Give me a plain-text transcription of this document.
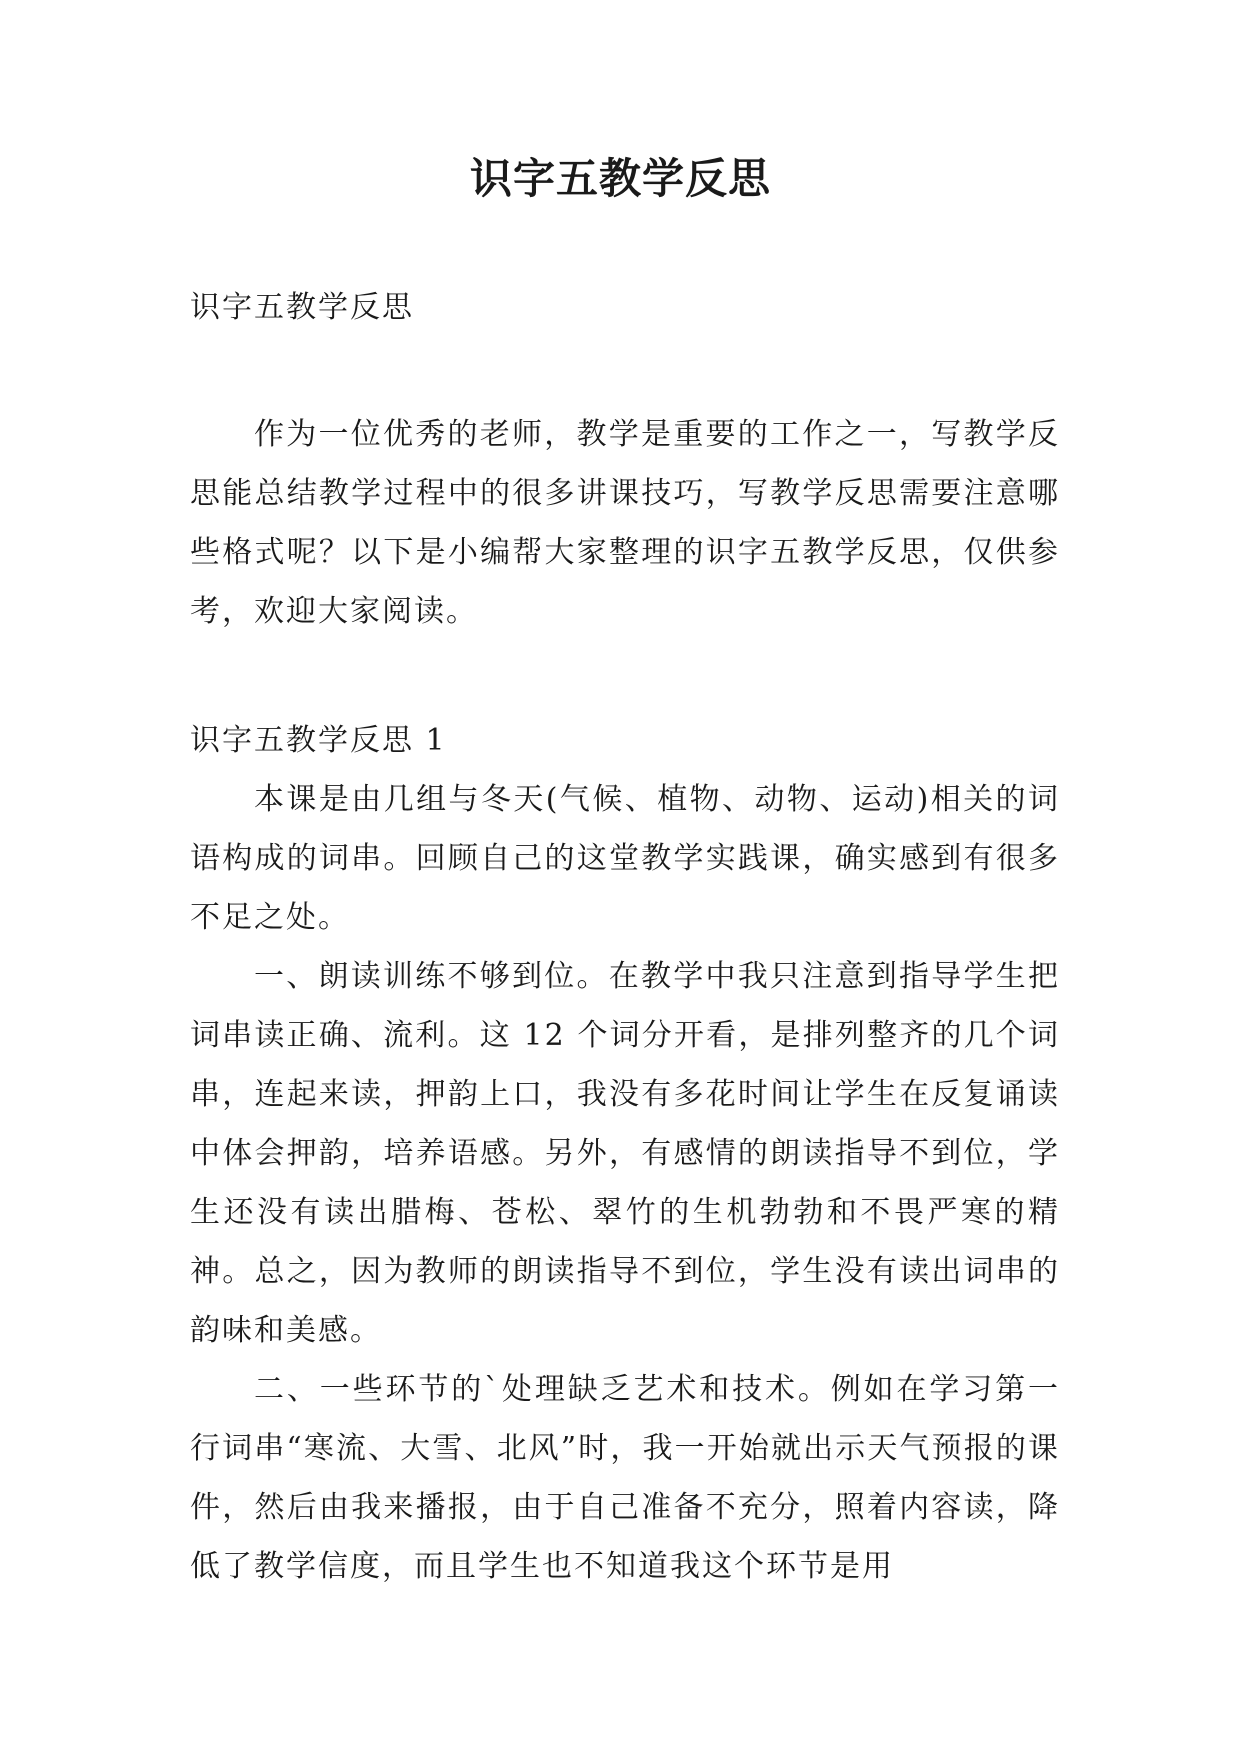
识字五教学反思
识字五教学反思

作为一位优秀的老师，教学是重要的工作之一，写教学反思能总结教学过程中的很多讲课技巧，写教学反思需要注意哪些格式呢？以下是小编帮大家整理的识字五教学反思，仅供参考，欢迎大家阅读。

识字五教学反思 1

本课是由几组与冬天(气候、植物、动物、运动)相关的词语构成的词串。回顾自己的这堂教学实践课，确实感到有很多不足之处。

一、朗读训练不够到位。在教学中我只注意到指导学生把词串读正确、流利。这 12 个词分开看，是排列整齐的几个词串，连起来读，押韵上口，我没有多花时间让学生在反复诵读中体会押韵，培养语感。另外，有感情的朗读指导不到位，学生还没有读出腊梅、苍松、翠竹的生机勃勃和不畏严寒的精神。总之，因为教师的朗读指导不到位，学生没有读出词串的韵味和美感。

二、一些环节的`处理缺乏艺术和技术。例如在学习第一行词串“寒流、大雪、北风”时，我一开始就出示天气预报的课件，然后由我来播报，由于自己准备不充分，照着内容读，降低了教学信度，而且学生也不知道我这个环节是用
